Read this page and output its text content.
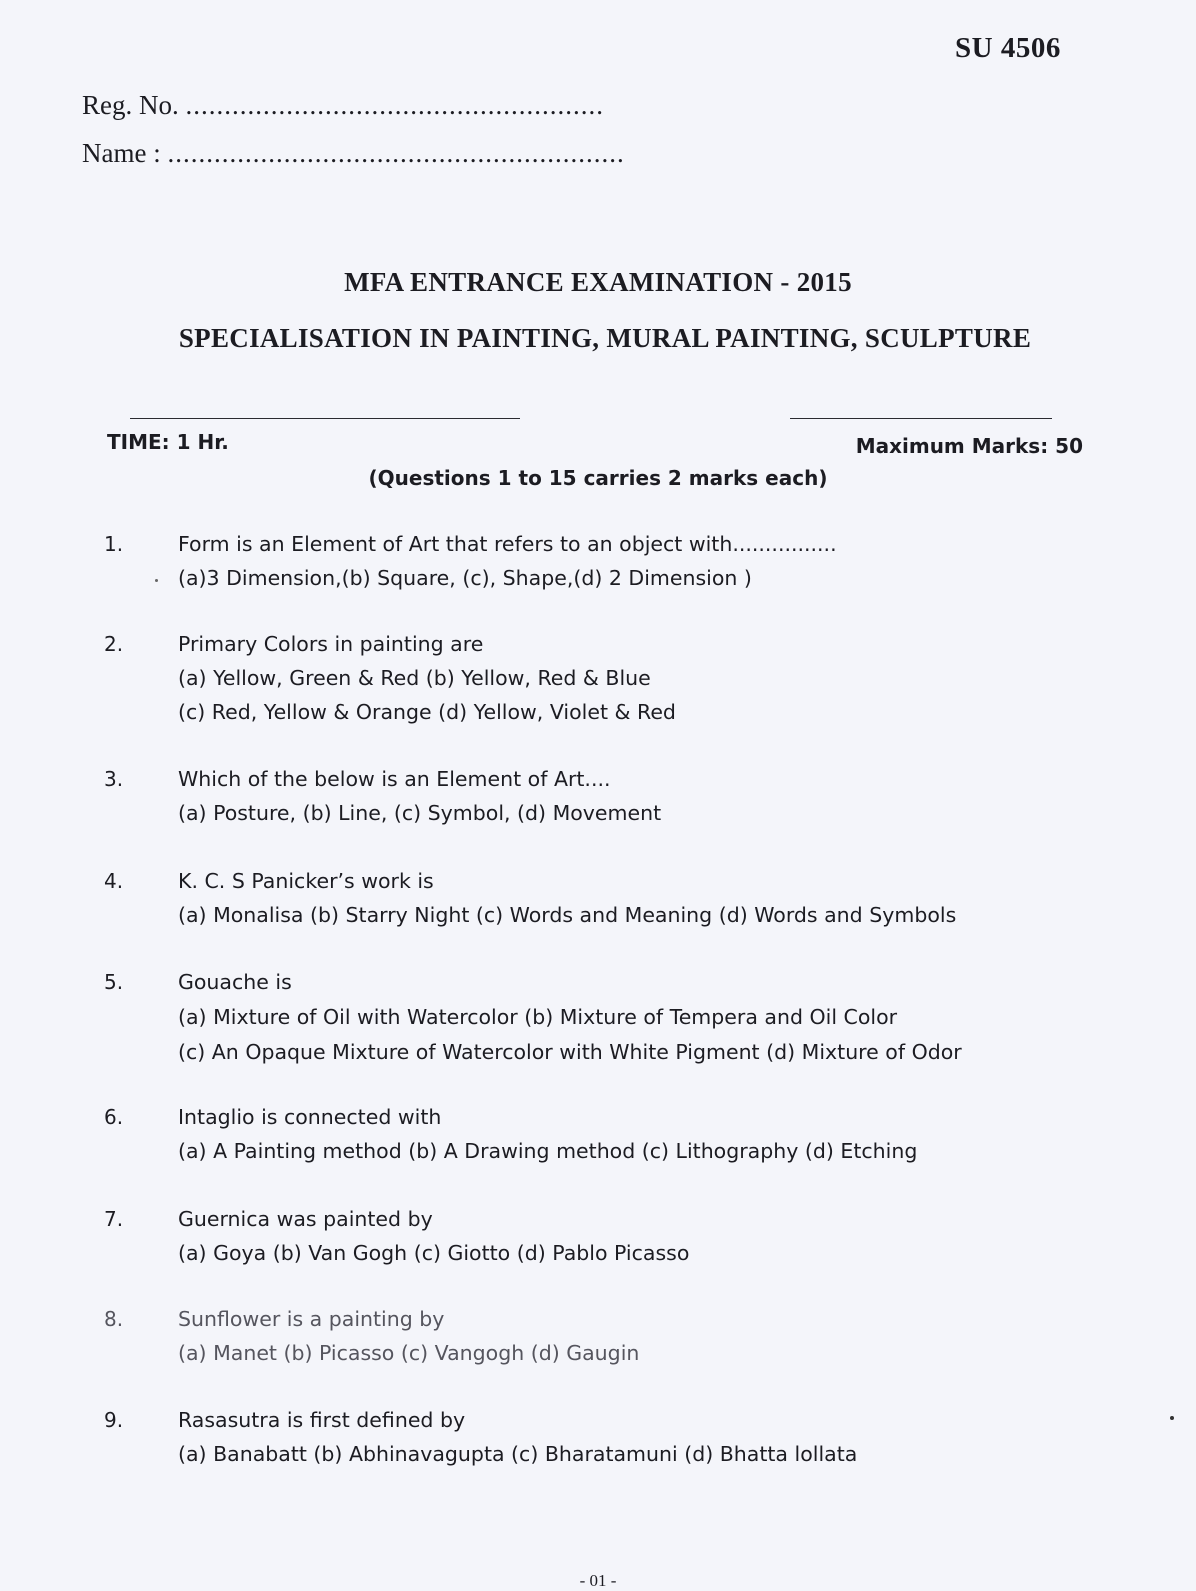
SU 4506
Reg. No. ......................................................
Name : ...........................................................
MFA ENTRANCE EXAMINATION - 2015
SPECIALISATION IN PAINTING, MURAL PAINTING, SCULPTURE
TIME: 1 Hr.	Maximum Marks: 50
(Questions 1 to 15 carries 2 marks each)
1.	Form is an Element of Art that refers to an object with................
(a)3 Dimension,(b) Square, (c), Shape,(d) 2 Dimension )
2.	Primary Colors in painting are
(a) Yellow, Green & Red (b) Yellow, Red & Blue
(c) Red, Yellow & Orange (d) Yellow, Violet & Red
3.	Which of the below is an Element of Art....
(a) Posture, (b) Line, (c) Symbol, (d) Movement
4.	K. C. S Panicker’s work is
(a) Monalisa (b) Starry Night (c) Words and Meaning (d) Words and Symbols
5.	Gouache is
(a) Mixture of Oil with Watercolor (b) Mixture of Tempera and Oil Color
(c) An Opaque Mixture of Watercolor with White Pigment (d) Mixture of Odor
6.	Intaglio is connected with
(a) A Painting method (b) A Drawing method (c) Lithography (d) Etching
7.	Guernica was painted by
(a) Goya (b) Van Gogh (c) Giotto (d) Pablo Picasso
8.	Sunflower is a painting by
(a) Manet (b) Picasso (c) Vangogh (d) Gaugin
9.	Rasasutra is first defined by
(a) Banabatt (b) Abhinavagupta (c) Bharatamuni (d) Bhatta lollata
- 01 -
